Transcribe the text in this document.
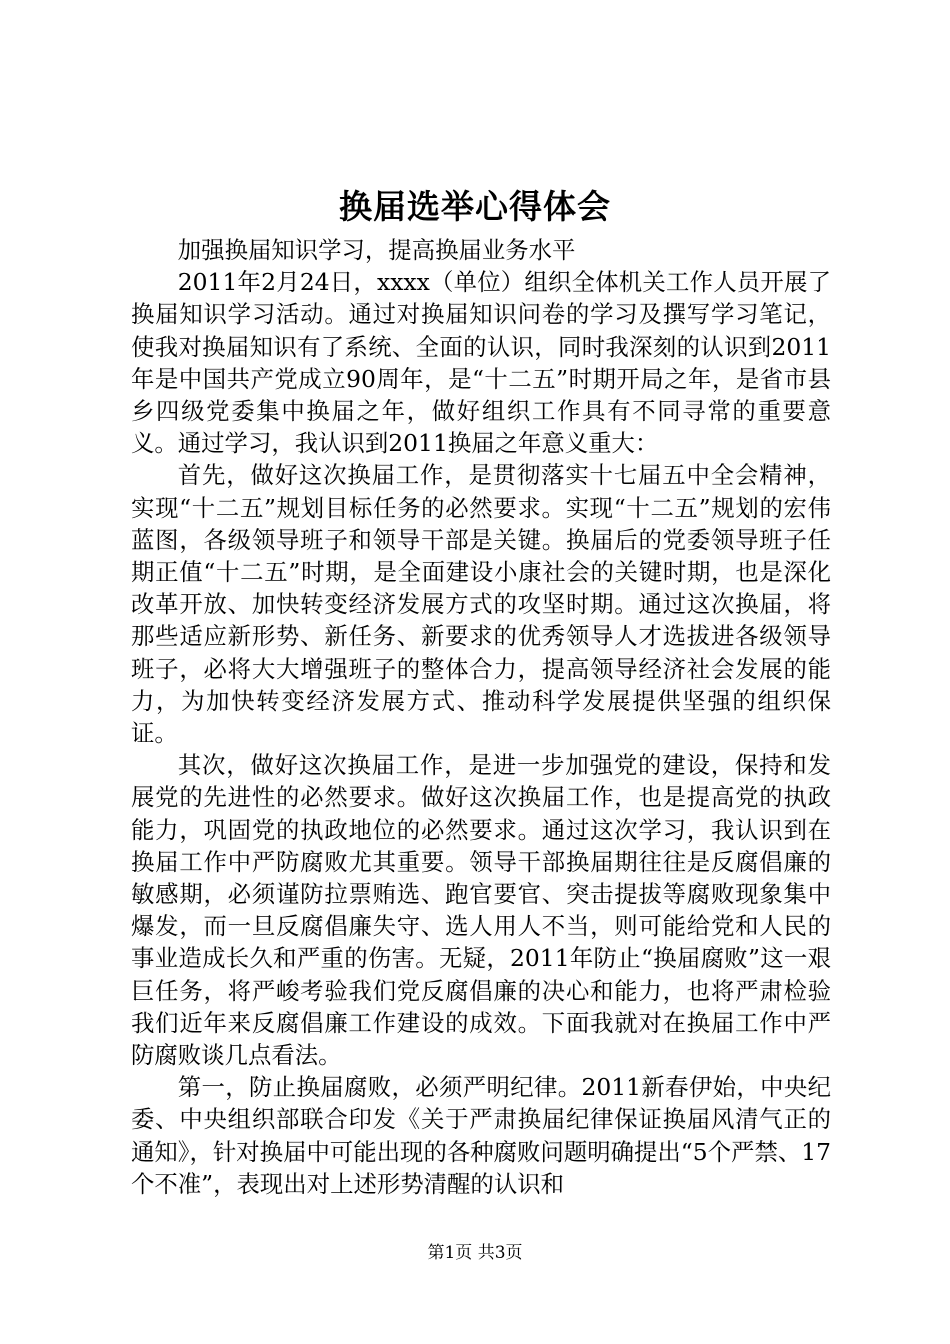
换届选举心得体会

加强换届知识学习，提高换届业务水平

2011年2月24日，xxxx（单位）组织全体机关工作人员开展了换届知识学习活动。通过对换届知识问卷的学习及撰写学习笔记，使我对换届知识有了系统、全面的认识，同时我深刻的认识到2011年是中国共产党成立90周年，是“十二五”时期开局之年，是省市县乡四级党委集中换届之年，做好组织工作具有不同寻常的重要意义。通过学习，我认识到2011换届之年意义重大：

首先，做好这次换届工作，是贯彻落实十七届五中全会精神，实现“十二五”规划目标任务的必然要求。实现“十二五”规划的宏伟蓝图，各级领导班子和领导干部是关键。换届后的党委领导班子任期正值“十二五”时期，是全面建设小康社会的关键时期，也是深化改革开放、加快转变经济发展方式的攻坚时期。通过这次换届，将那些适应新形势、新任务、新要求的优秀领导人才选拔进各级领导班子，必将大大增强班子的整体合力，提高领导经济社会发展的能力，为加快转变经济发展方式、推动科学发展提供坚强的组织保证。

其次，做好这次换届工作，是进一步加强党的建设，保持和发展党的先进性的必然要求。做好这次换届工作，也是提高党的执政能力，巩固党的执政地位的必然要求。通过这次学习，我认识到在换届工作中严防腐败尤其重要。领导干部换届期往往是反腐倡廉的敏感期，必须谨防拉票贿选、跑官要官、突击提拔等腐败现象集中爆发，而一旦反腐倡廉失守、选人用人不当，则可能给党和人民的事业造成长久和严重的伤害。无疑，2011年防止“换届腐败”这一艰巨任务，将严峻考验我们党反腐倡廉的决心和能力，也将严肃检验我们近年来反腐倡廉工作建设的成效。下面我就对在换届工作中严防腐败谈几点看法。

第一，防止换届腐败，必须严明纪律。2011新春伊始，中央纪委、中央组织部联合印发《关于严肃换届纪律保证换届风清气正的通知》，针对换届中可能出现的各种腐败问题明确提出“5个严禁、17个不准”，表现出对上述形势清醒的认识和

第1页 共3页
